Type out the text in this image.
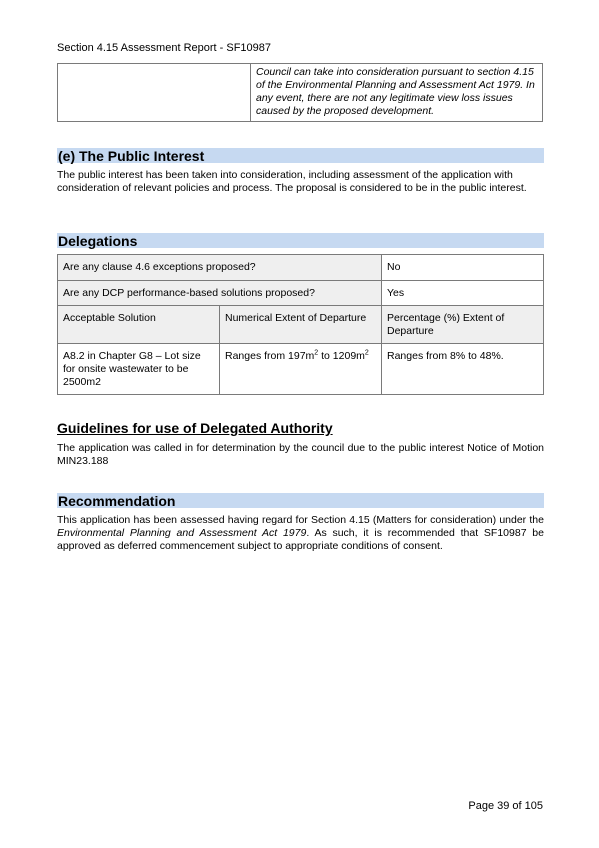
Section 4.15 Assessment Report - SF10987
	Council can take into consideration pursuant to section 4.15 of the Environmental Planning and Assessment Act 1979. In any event, there are not any legitimate view loss issues caused by the proposed development.
(e) The Public Interest
The public interest has been taken into consideration, including assessment of the application with consideration of relevant policies and process. The proposal is considered to be in the public interest.
Delegations
Are any clause 4.6 exceptions proposed?		No
Are any DCP performance-based solutions proposed?		Yes
Acceptable Solution	Numerical Extent of Departure	Percentage (%) Extent of Departure
A8.2 in Chapter G8 – Lot size for onsite wastewater to be 2500m2	Ranges from $197m^2$ to $1209m^2$	Ranges from 8% to 48%.
Guidelines for use of Delegated Authority
The application was called in for determination by the council due to the public interest Notice of Motion MIN23.188
Recommendation
This application has been assessed having regard for Section 4.15 (Matters for consideration) under the Environmental Planning and Assessment Act 1979. As such, it is recommended that SF10987 be approved as deferred commencement subject to appropriate conditions of consent.
Page 39 of 105
